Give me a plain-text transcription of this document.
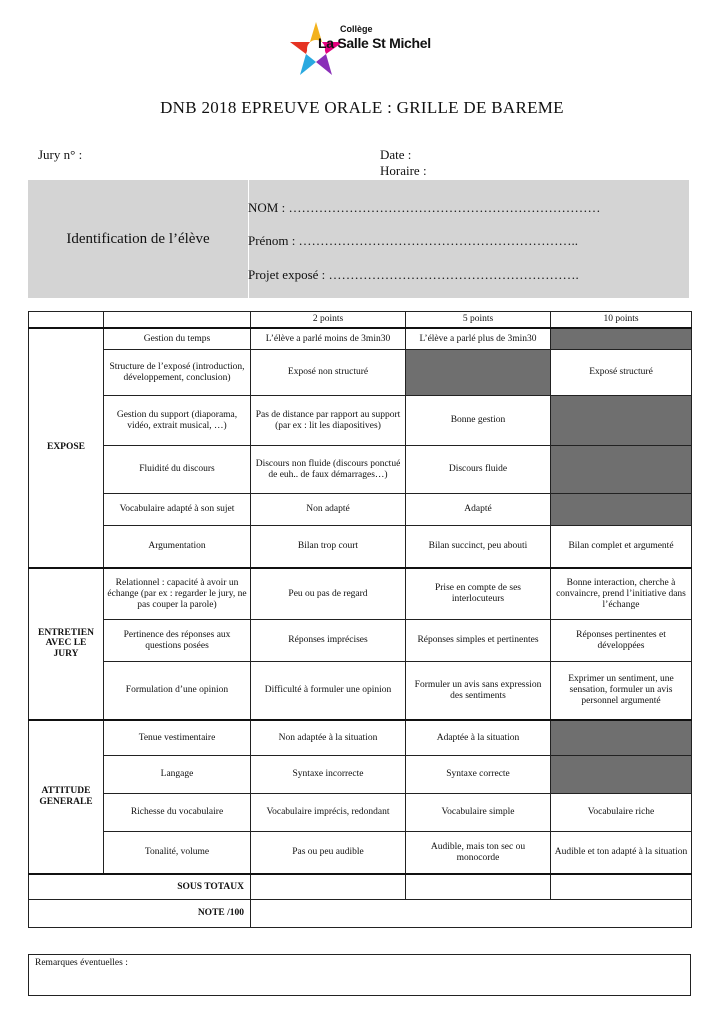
Collège
La Salle St Michel
DNB 2018 EPREUVE ORALE : GRILLE DE BAREME
Jury n° :	Date :
Horaire :
Identification de l’élève
NOM : ………………………………………………………………
Prénom : ………………………………………………………..
Projet exposé : ………………………………………………….
		2 points	5 points	10 points
EXPOSE	Gestion du temps	L’élève a parlé moins de 3min30	L’élève a parlé plus de 3min30	
	Structure de l’exposé (introduction, développement, conclusion)	Exposé non structuré		Exposé structuré
	Gestion du support (diaporama, vidéo, extrait musical, …)	Pas de distance par rapport au support (par ex : lit les diapositives)	Bonne gestion	
	Fluidité du discours	Discours non fluide (discours ponctué de euh.. de faux démarrages…)	Discours fluide	
	Vocabulaire adapté à son sujet	Non adapté	Adapté	
	Argumentation	Bilan trop court	Bilan succinct, peu abouti	Bilan complet et argumenté
ENTRETIEN AVEC LE JURY	Relationnel : capacité à avoir un échange (par ex : regarder le jury, ne pas couper la parole)	Peu ou pas de regard	Prise en compte de ses interlocuteurs	Bonne interaction, cherche à convaincre, prend l’initiative dans l’échange
	Pertinence des réponses aux questions posées	Réponses imprécises	Réponses simples et pertinentes	Réponses pertinentes et développées
	Formulation d’une opinion	Difficulté à formuler une opinion	Formuler un avis sans expression des sentiments	Exprimer un sentiment, une sensation, formuler un avis personnel argumenté
ATTITUDE GENERALE	Tenue vestimentaire	Non adaptée à la situation	Adaptée à la situation	
	Langage	Syntaxe incorrecte	Syntaxe correcte	
	Richesse du vocabulaire	Vocabulaire imprécis, redondant	Vocabulaire simple	Vocabulaire riche
	Tonalité, volume	Pas ou peu audible	Audible, mais ton sec ou monocorde	Audible et ton adapté à la situation
SOUS TOTAUX				
NOTE /100				
Remarques éventuelles :
